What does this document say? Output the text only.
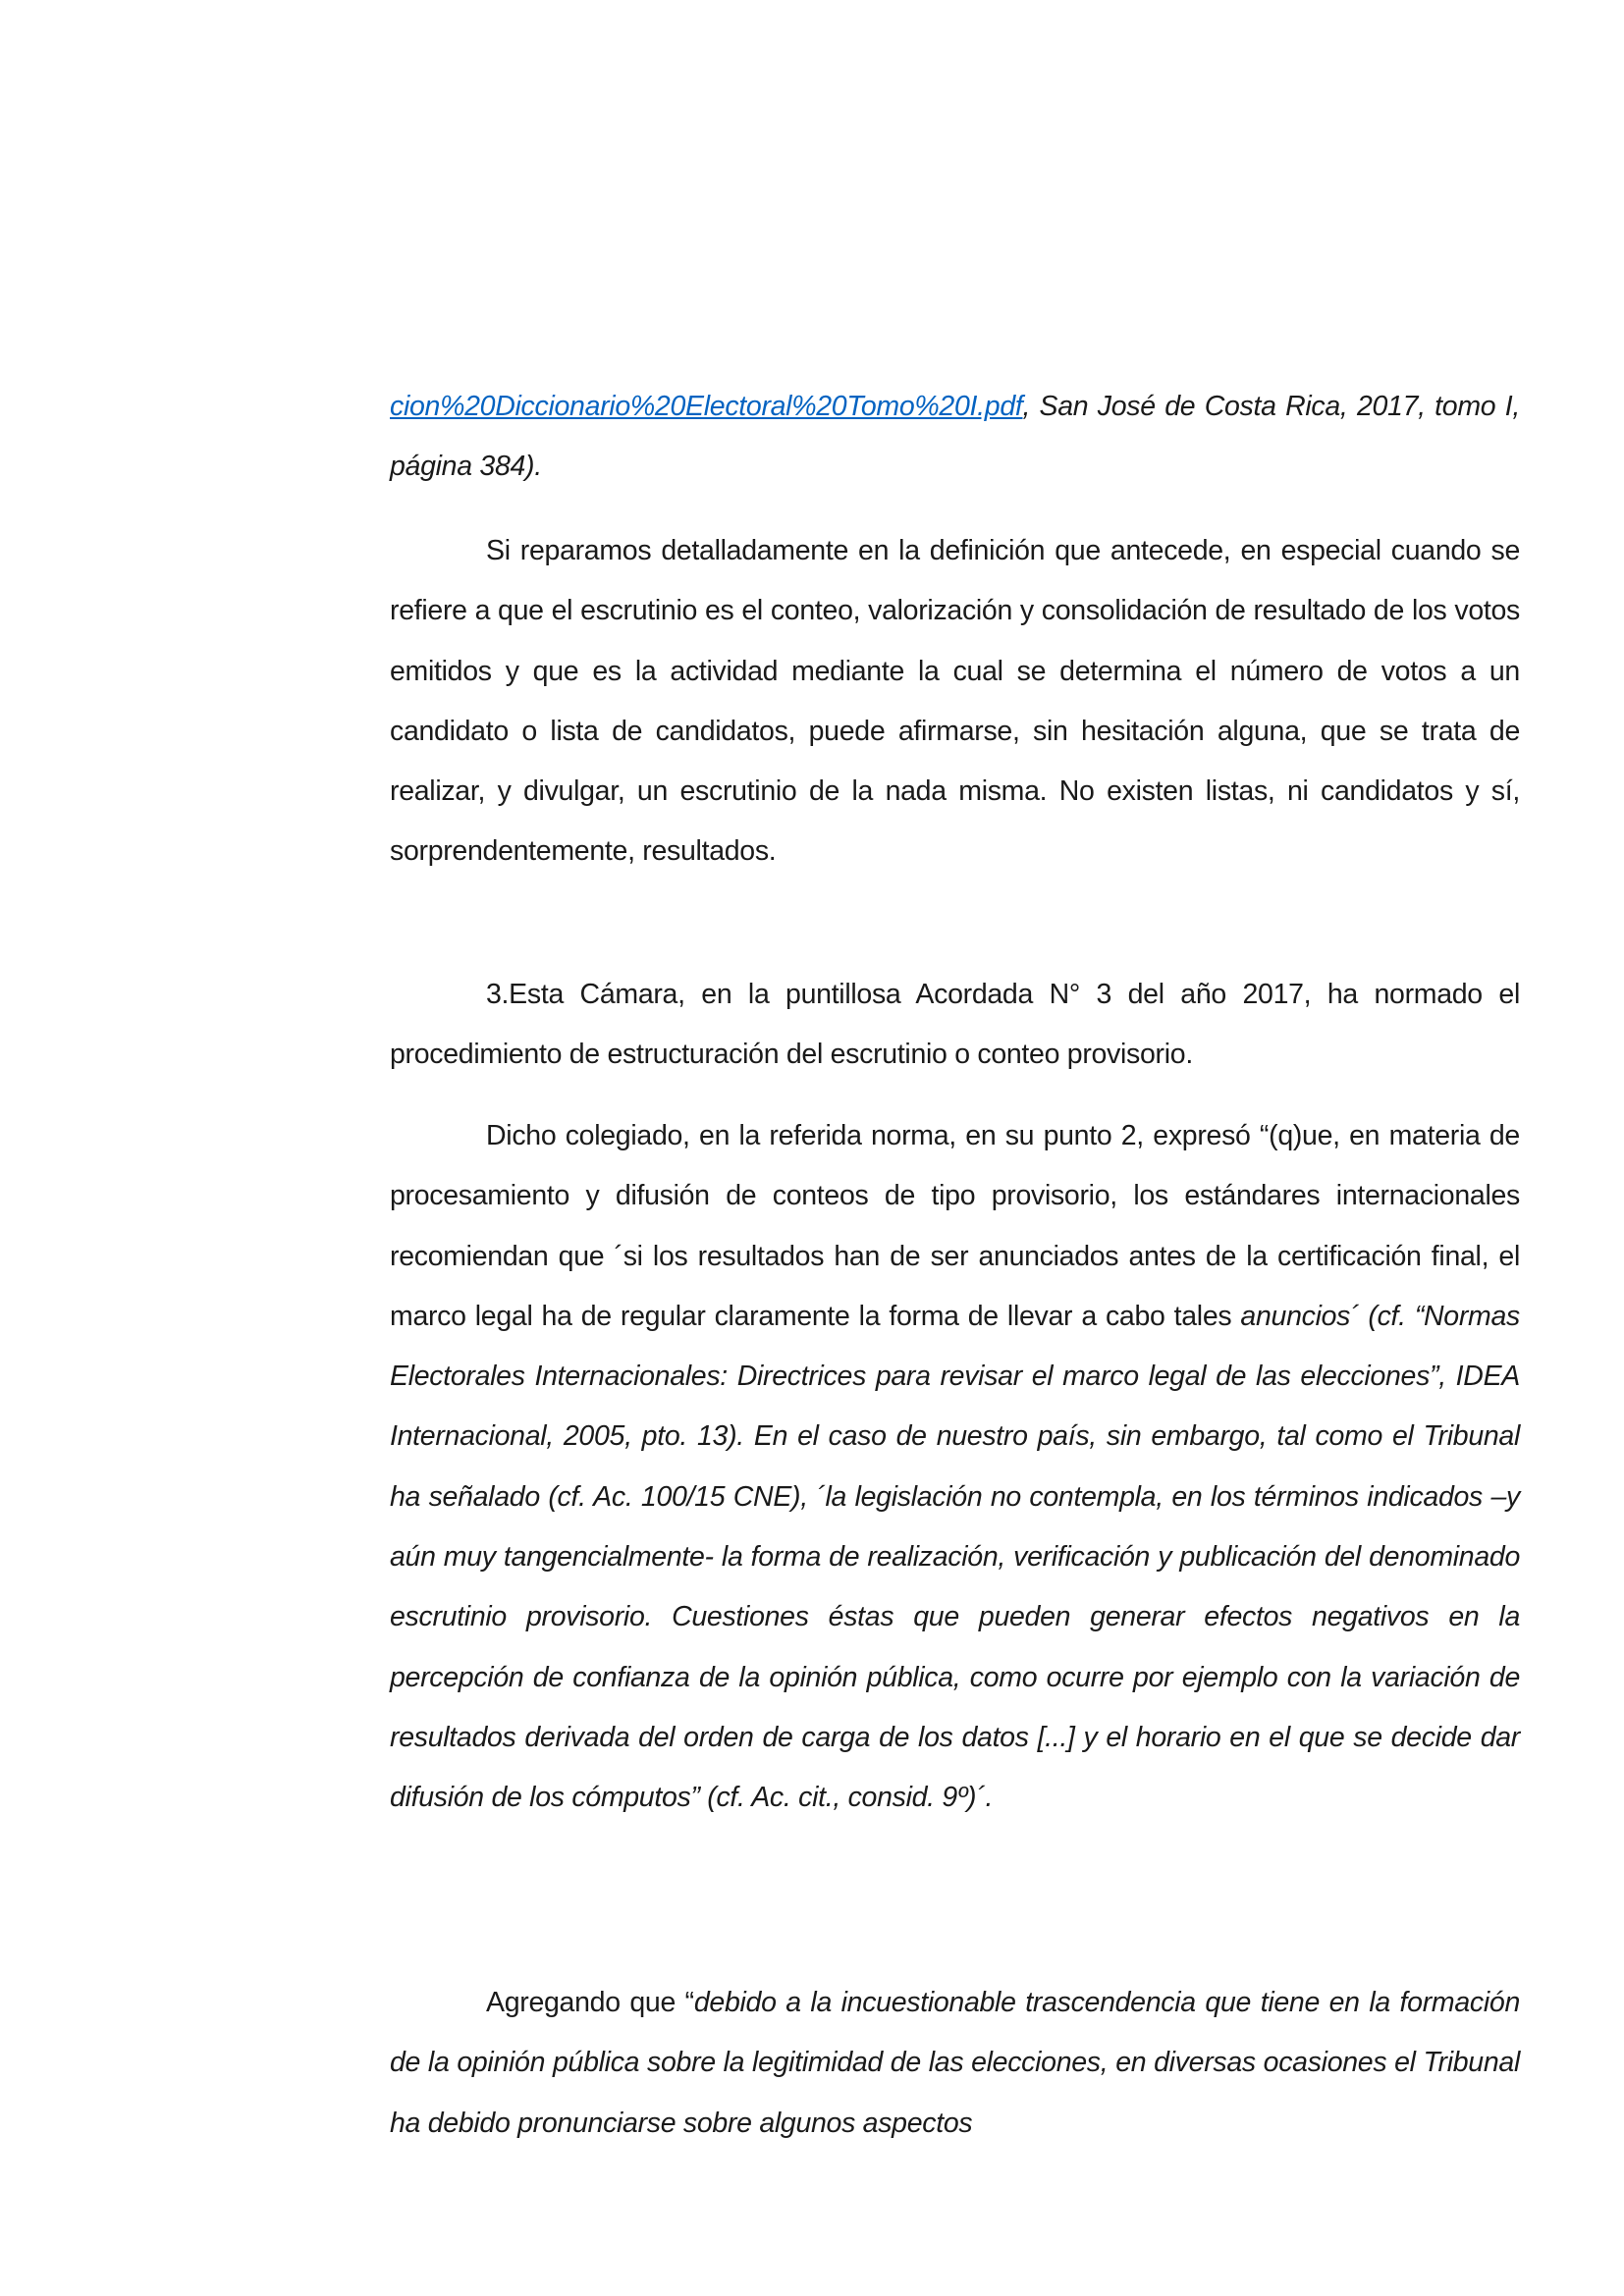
cion%20Diccionario%20Electoral%20Tomo%20I.pdf, San José de Costa Rica, 2017, tomo I, página 384).

Si reparamos detalladamente en la definición que antecede, en especial cuando se refiere a que el escrutinio es el conteo, valorización y consolidación de resultado de los votos emitidos y que es la actividad mediante la cual se determina el número de votos a un candidato o lista de candidatos, puede afirmarse, sin hesitación alguna, que se trata de realizar, y divulgar, un escrutinio de la nada misma. No existen listas, ni candidatos y sí, sorprendentemente, resultados.

3.Esta Cámara, en la puntillosa Acordada N° 3 del año 2017, ha normado el procedimiento de estructuración del escrutinio o conteo provisorio.

Dicho colegiado, en la referida norma, en su punto 2, expresó “(q)ue, en materia de procesamiento y difusión de conteos de tipo provisorio, los estándares internacionales recomiendan que ´si los resultados han de ser anunciados antes de la certificación final, el marco legal ha de regular claramente la forma de llevar a cabo tales anuncios´ (cf. “Normas Electorales Internacionales: Directrices para revisar el marco legal de las elecciones”, IDEA Internacional, 2005, pto. 13). En el caso de nuestro país, sin embargo, tal como el Tribunal ha señalado (cf. Ac. 100/15 CNE), ´la legislación no contempla, en los términos indicados –y aún muy tangencialmente- la forma de realización, verificación y publicación del denominado escrutinio provisorio. Cuestiones éstas que pueden generar efectos negativos en la percepción de confianza de la opinión pública, como ocurre por ejemplo con la variación de resultados derivada del orden de carga de los datos [...] y el horario en el que se decide dar difusión de los cómputos” (cf. Ac. cit., consid. 9º)´.

Agregando que “debido a la incuestionable trascendencia que tiene en la formación de la opinión pública sobre la legitimidad de las elecciones, en diversas ocasiones el Tribunal ha debido pronunciarse sobre algunos aspectos
